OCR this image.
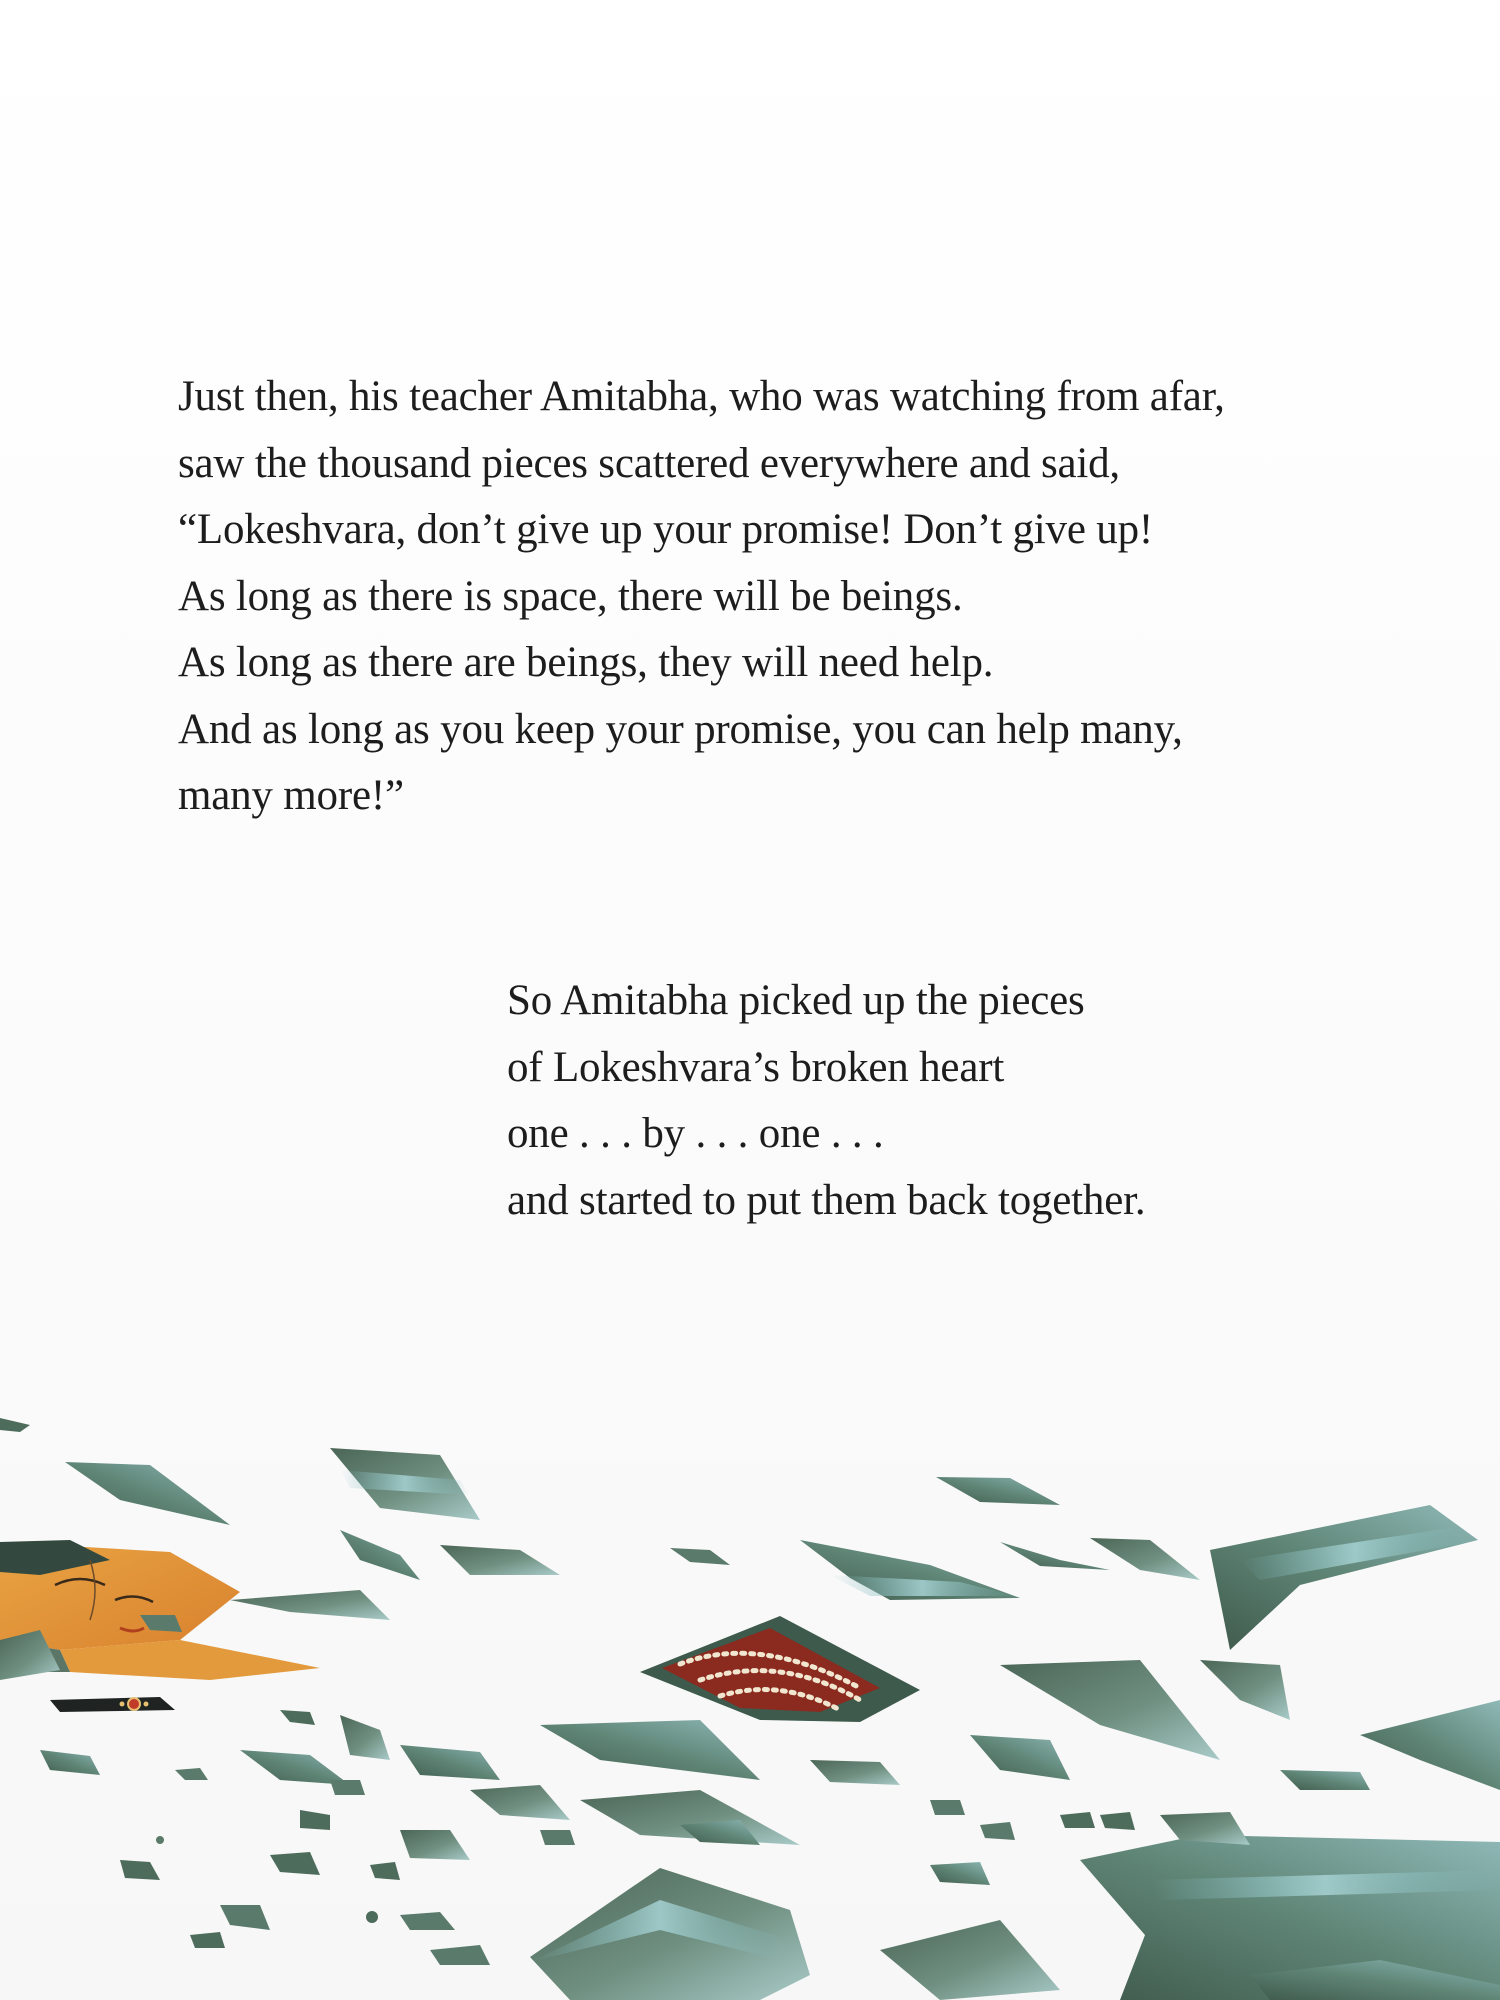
Just then, his teacher Amitabha, who was watching from afar,
saw the thousand pieces scattered everywhere and said,
“Lokeshvara, don’t give up your promise! Don’t give up!
As long as there is space, there will be beings.
As long as there are beings, they will need help.
And as long as you keep your promise, you can help many,
many more!”
So Amitabha picked up the pieces
of Lokeshvara’s broken heart
one . . . by . . . one . . .
and started to put them back together.
